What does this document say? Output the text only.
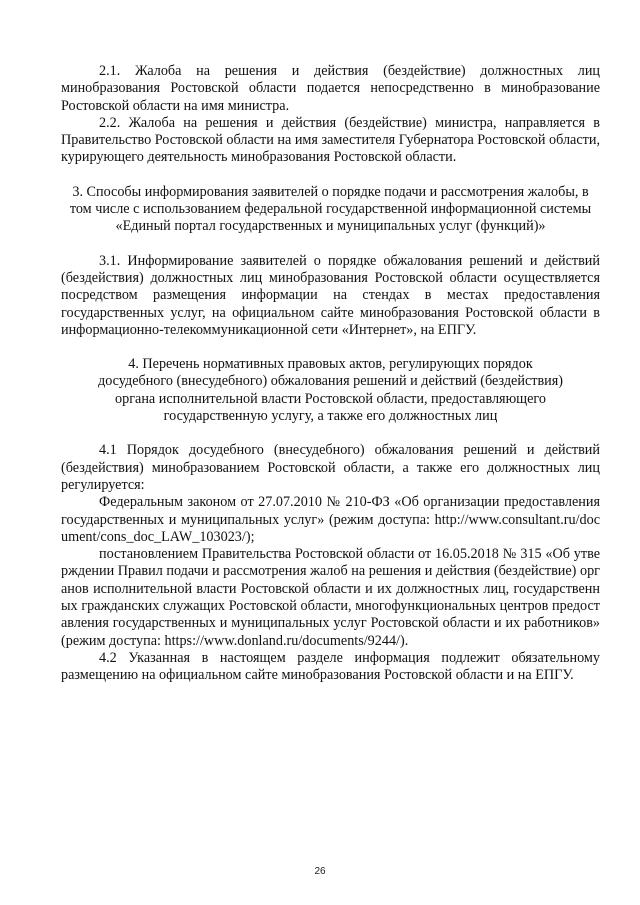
2.1. Жалоба на решения и действия (бездействие) должностных лиц минобразования Ростовской области подается непосредственно в минобразование Ростовской области на имя министра.

2.2. Жалоба на решения и действия (бездействие) министра, направляется в Правительство Ростовской области на имя заместителя Губернатора Ростовской области, курирующего деятельность минобразования Ростовской области.

3. Способы информирования заявителей о порядке подачи и рассмотрения жалобы, в том числе с использованием федеральной государственной информационной системы «Единый портал государственных и муниципальных услуг (функций)»

3.1. Информирование заявителей о порядке обжалования решений и действий (бездействия) должностных лиц минобразования Ростовской области осуществляется посредством размещения информации на стендах в местах предоставления государственных услуг, на официальном сайте минобразования Ростовской области в информационно-телекоммуникационной сети «Интернет», на ЕПГУ.

4. Перечень нормативных правовых актов, регулирующих порядок досудебного (внесудебного) обжалования решений и действий (бездействия) органа исполнительной власти Ростовской области, предоставляющего государственную услугу, а также его должностных лиц

4.1 Порядок досудебного (внесудебного) обжалования решений и действий (бездействия) минобразованием Ростовской области, а также его должностных лиц регулируется:

Федеральным законом от 27.07.2010 № 210-ФЗ «Об организации предоставления государственных и муниципальных услуг» (режим доступа: http://www.consultant.ru/document/cons_doc_LAW_103023/);

постановлением Правительства Ростовской области от 16.05.2018 № 315 «Об утверждении Правил подачи и рассмотрения жалоб на решения и действия (бездействие) органов исполнительной власти Ростовской области и их должностных лиц, государственных гражданских служащих Ростовской области, многофункциональных центров предоставления государственных и муниципальных услуг Ростовской области и их работников» (режим доступа: https://www.donland.ru/documents/9244/).

4.2 Указанная в настоящем разделе информация подлежит обязательному размещению на официальном сайте минобразования Ростовской области и на ЕПГУ.

26
